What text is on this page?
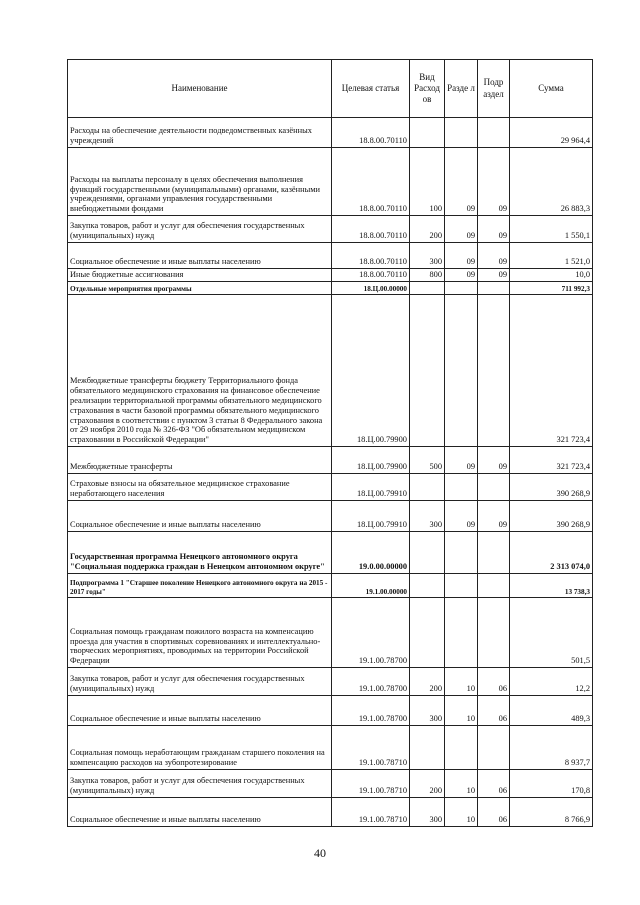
Наименование	Целевая статья	Вид Расход ов	Разде л	Подр аздел	Сумма
Расходы на обеспечение деятельности подведомственных казённых учреждений	18.8.00.70110				29 964,4
Расходы на выплаты персоналу в целях обеспечения выполнения функций государственными (муниципальными) органами, казёнными учреждениями, органами управления государственными внебюджетными фондами	18.8.00.70110	100	09	09	26 883,3
Закупка товаров, работ и услуг для обеспечения государственных (муниципальных) нужд	18.8.00.70110	200	09	09	1 550,1
Социальное обеспечение и иные выплаты населению	18.8.00.70110	300	09	09	1 521,0
Иные бюджетные ассигнования	18.8.00.70110	800	09	09	10,0
Отдельные мероприятия программы	18.Ц.00.00000				711 992,3
Межбюджетные трансферты бюджету Территориального фонда обязательного медицинского страхования на финансовое обеспечение реализации территориальной программы обязательного медицинского страхования в части базовой программы обязательного медицинского страхования в соответствии с пунктом 3 статьи 8 Федерального закона от 29 ноября 2010 года № 326-ФЗ "Об обязательном медицинском страховании в Российской Федерации"	18.Ц.00.79900				321 723,4
Межбюджетные трансферты	18.Ц.00.79900	500	09	09	321 723,4
Страховые взносы на обязательное медицинское страхование неработающего населения	18.Ц.00.79910				390 268,9
Социальное обеспечение и иные выплаты населению	18.Ц.00.79910	300	09	09	390 268,9
Государственная программа Ненецкого автономного округа "Социальная поддержка граждан в Ненецком автономном округе"	19.0.00.00000				2 313 074,0
Подпрограмма 1 "Старшее поколение Ненецкого автономного округа на 2015 - 2017 годы"	19.1.00.00000				13 738,3
Социальная помощь гражданам пожилого возраста на компенсацию проезда для участия в спортивных соревнованиях и интеллектуально-творческих мероприятиях, проводимых на территории Российской Федерации	19.1.00.78700				501,5
Закупка товаров, работ и услуг для обеспечения государственных (муниципальных) нужд	19.1.00.78700	200	10	06	12,2
Социальное обеспечение и иные выплаты населению	19.1.00.78700	300	10	06	489,3
Социальная помощь неработающим гражданам старшего поколения на компенсацию расходов на зубопротезирование	19.1.00.78710				8 937,7
Закупка товаров, работ и услуг для обеспечения государственных (муниципальных) нужд	19.1.00.78710	200	10	06	170,8
Социальное обеспечение и иные выплаты населению	19.1.00.78710	300	10	06	8 766,9
40
